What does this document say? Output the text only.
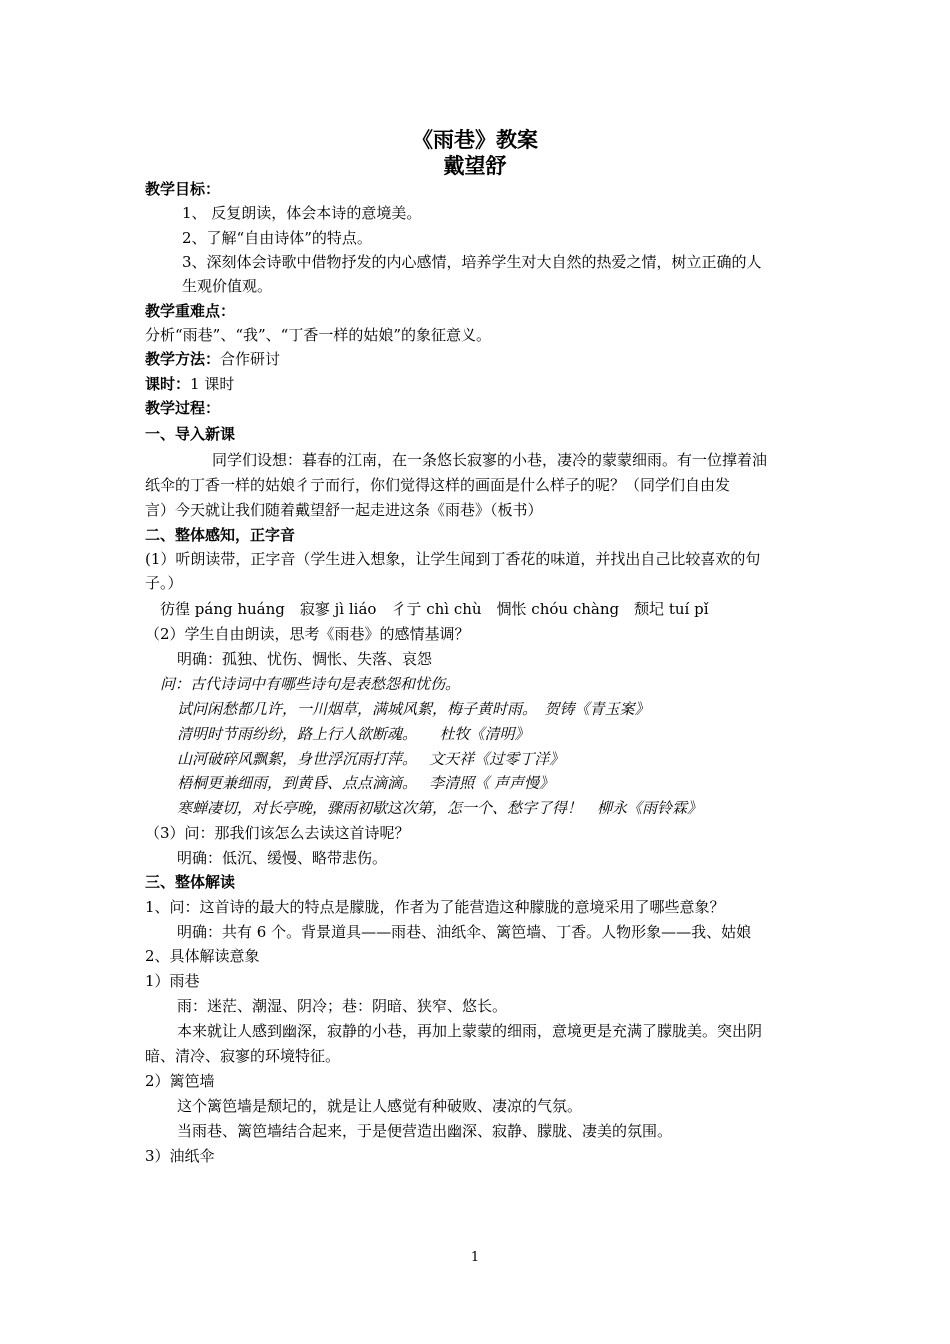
《雨巷》教案
戴望舒
教学目标：
1、 反复朗读，体会本诗的意境美。
2、了解“自由诗体”的特点。
3、深刻体会诗歌中借物抒发的内心感情，培养学生对大自然的热爱之情，树立正确的人
生观价值观。
教学重难点：
分析“雨巷”、“我”、“丁香一样的姑娘”的象征意义。
教学方法：合作研讨
课时：1 课时
教学过程：
一、导入新课
同学们设想：暮春的江南，在一条悠长寂寥的小巷，凄冷的蒙蒙细雨。有一位撑着油
纸伞的丁香一样的姑娘彳亍而行，你们觉得这样的画面是什么样子的呢？（同学们自由发
言）今天就让我们随着戴望舒一起走进这条《雨巷》（板书）
二、整体感知，正字音
(1）听朗读带，正字音（学生进入想象，让学生闻到丁香花的味道，并找出自己比较喜欢的句
子。）
彷徨 páng huáng　寂寥 jì liáo　彳亍 chì chù　惆怅 chóu chàng　颓圮 tuí pǐ
（2）学生自由朗读，思考《雨巷》的感情基调？
明确：孤独、忧伤、惆怅、失落、哀怨
问：古代诗词中有哪些诗句是表愁怨和忧伤。
试问闲愁都几许，一川烟草，满城风絮，梅子黄时雨。　贺铸《青玉案》
清明时节雨纷纷，路上行人欲断魂。　　杜牧《清明》
山河破碎风飘絮，身世浮沉雨打萍。　 文天祥《过零丁洋》
梧桐更兼细雨，到黄昏、点点滴滴。　 李清照《 声声慢》
寒蝉凄切，对长亭晚，骤雨初歇这次第，怎一个、愁字了得！　柳永《雨铃霖》
（3）问：那我们该怎么去读这首诗呢？
明确：低沉、缓慢、略带悲伤。
三、整体解读
1、问：这首诗的最大的特点是朦胧，作者为了能营造这种朦胧的意境采用了哪些意象？
明确：共有 6 个。背景道具——雨巷、油纸伞、篱笆墙、丁香。人物形象——我、姑娘
2、具体解读意象
1）雨巷
雨：迷茫、潮湿、阴冷；巷：阴暗、狭窄、悠长。
本来就让人感到幽深，寂静的小巷，再加上蒙蒙的细雨，意境更是充满了朦胧美。突出阴
暗、清冷、寂寥的环境特征。
2）篱笆墙
这个篱笆墙是颓圮的，就是让人感觉有种破败、凄凉的气氛。
当雨巷、篱笆墙结合起来，于是便营造出幽深、寂静、朦胧、凄美的氛围。
3）油纸伞
1
